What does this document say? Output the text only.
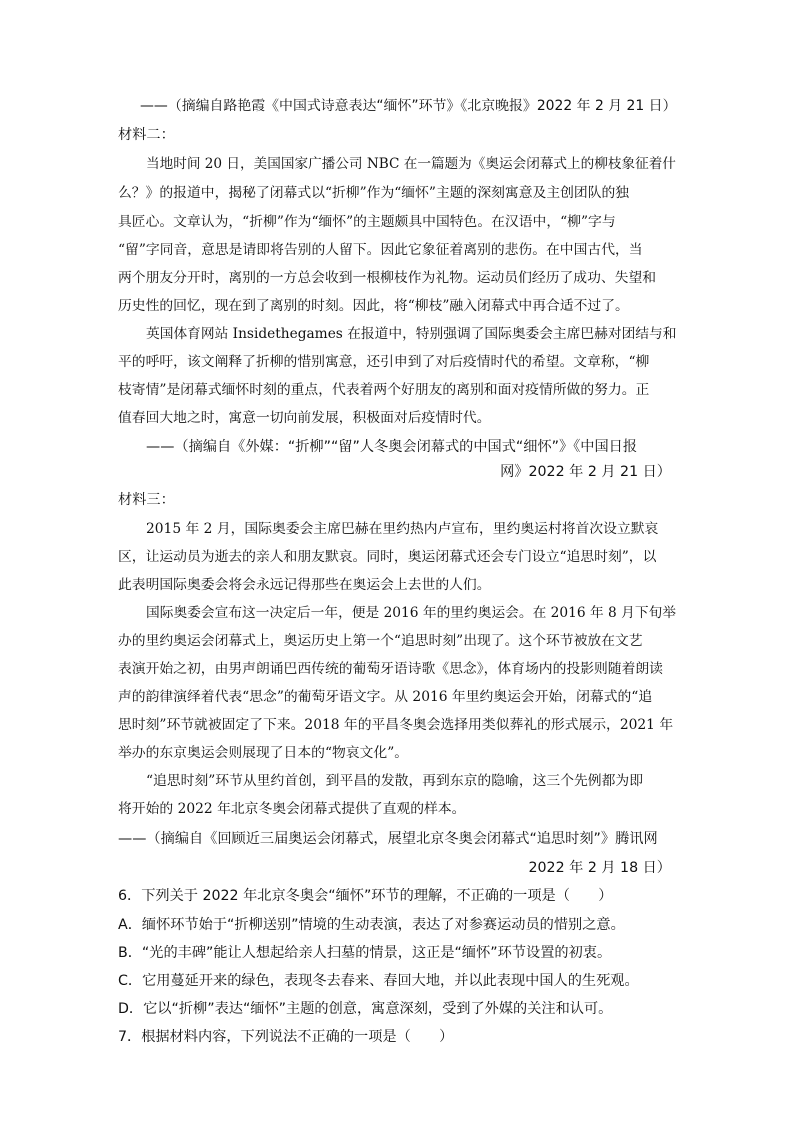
——（摘编自路艳霞《中国式诗意表达“缅怀”环节》《北京晚报》2022 年 2 月 21 日）
材料二：
当地时间 20 日，美国国家广播公司 NBC 在一篇题为《奥运会闭幕式上的柳枝象征着什
么？》的报道中，揭秘了闭幕式以“折柳”作为“缅怀”主题的深刻寓意及主创团队的独
具匠心。文章认为，“折柳”作为“缅怀”的主题颇具中国特色。在汉语中，“柳”字与
“留”字同音，意思是请即将告别的人留下。因此它象征着离别的悲伤。在中国古代，当
两个朋友分开时，离别的一方总会收到一根柳枝作为礼物。运动员们经历了成功、失望和
历史性的回忆，现在到了离别的时刻。因此，将“柳枝”融入闭幕式中再合适不过了。
英国体育网站 Insidethegames 在报道中，特别强调了国际奥委会主席巴赫对团结与和
平的呼吁，该文阐释了折柳的惜别寓意，还引申到了对后疫情时代的希望。文章称，“柳
枝寄情”是闭幕式缅怀时刻的重点，代表着两个好朋友的离别和面对疫情所做的努力。正
值春回大地之时，寓意一切向前发展，积极面对后疫情时代。
——（摘编自《外媒：“折柳”“留”人冬奥会闭幕式的中国式“细怀”》《中国日报
网》2022 年 2 月 21 日）
材料三：
2015 年 2 月，国际奥委会主席巴赫在里约热内卢宣布，里约奥运村将首次设立默哀
区，让运动员为逝去的亲人和朋友默哀。同时，奥运闭幕式还会专门设立“追思时刻”，以
此表明国际奥委会将会永远记得那些在奥运会上去世的人们。
国际奥委会宣布这一决定后一年，便是 2016 年的里约奥运会。在 2016 年 8 月下旬举
办的里约奥运会闭幕式上，奥运历史上第一个“追思时刻”出现了。这个环节被放在文艺
表演开始之初，由男声朗诵巴西传统的葡萄牙语诗歌《思念》，体育场内的投影则随着朗读
声的韵律演绎着代表“思念”的葡萄牙语文字。从 2016 年里约奥运会开始，闭幕式的“追
思时刻”环节就被固定了下来。2018 年的平昌冬奥会选择用类似葬礼的形式展示，2021 年
举办的东京奥运会则展现了日本的“物哀文化”。
“追思时刻”环节从里约首创，到平昌的发散，再到东京的隐喻，这三个先例都为即
将开始的 2022 年北京冬奥会闭幕式提供了直观的样本。
——（摘编自《回顾近三届奥运会闭幕式，展望北京冬奥会闭幕式“追思时刻”》腾讯网
2022 年 2 月 18 日）
6．下列关于 2022 年北京冬奥会“缅怀”环节的理解，不正确的一项是（　　）
A．缅怀环节始于“折柳送别”情境的生动表演，表达了对参赛运动员的惜别之意。
B．“光的丰碑”能让人想起给亲人扫墓的情景，这正是“缅怀”环节设置的初衷。
C．它用蔓延开来的绿色，表现冬去春来、春回大地，并以此表现中国人的生死观。
D．它以“折柳”表达“缅怀”主题的创意，寓意深刻，受到了外媒的关注和认可。
7．根据材料内容，下列说法不正确的一项是（　　）
